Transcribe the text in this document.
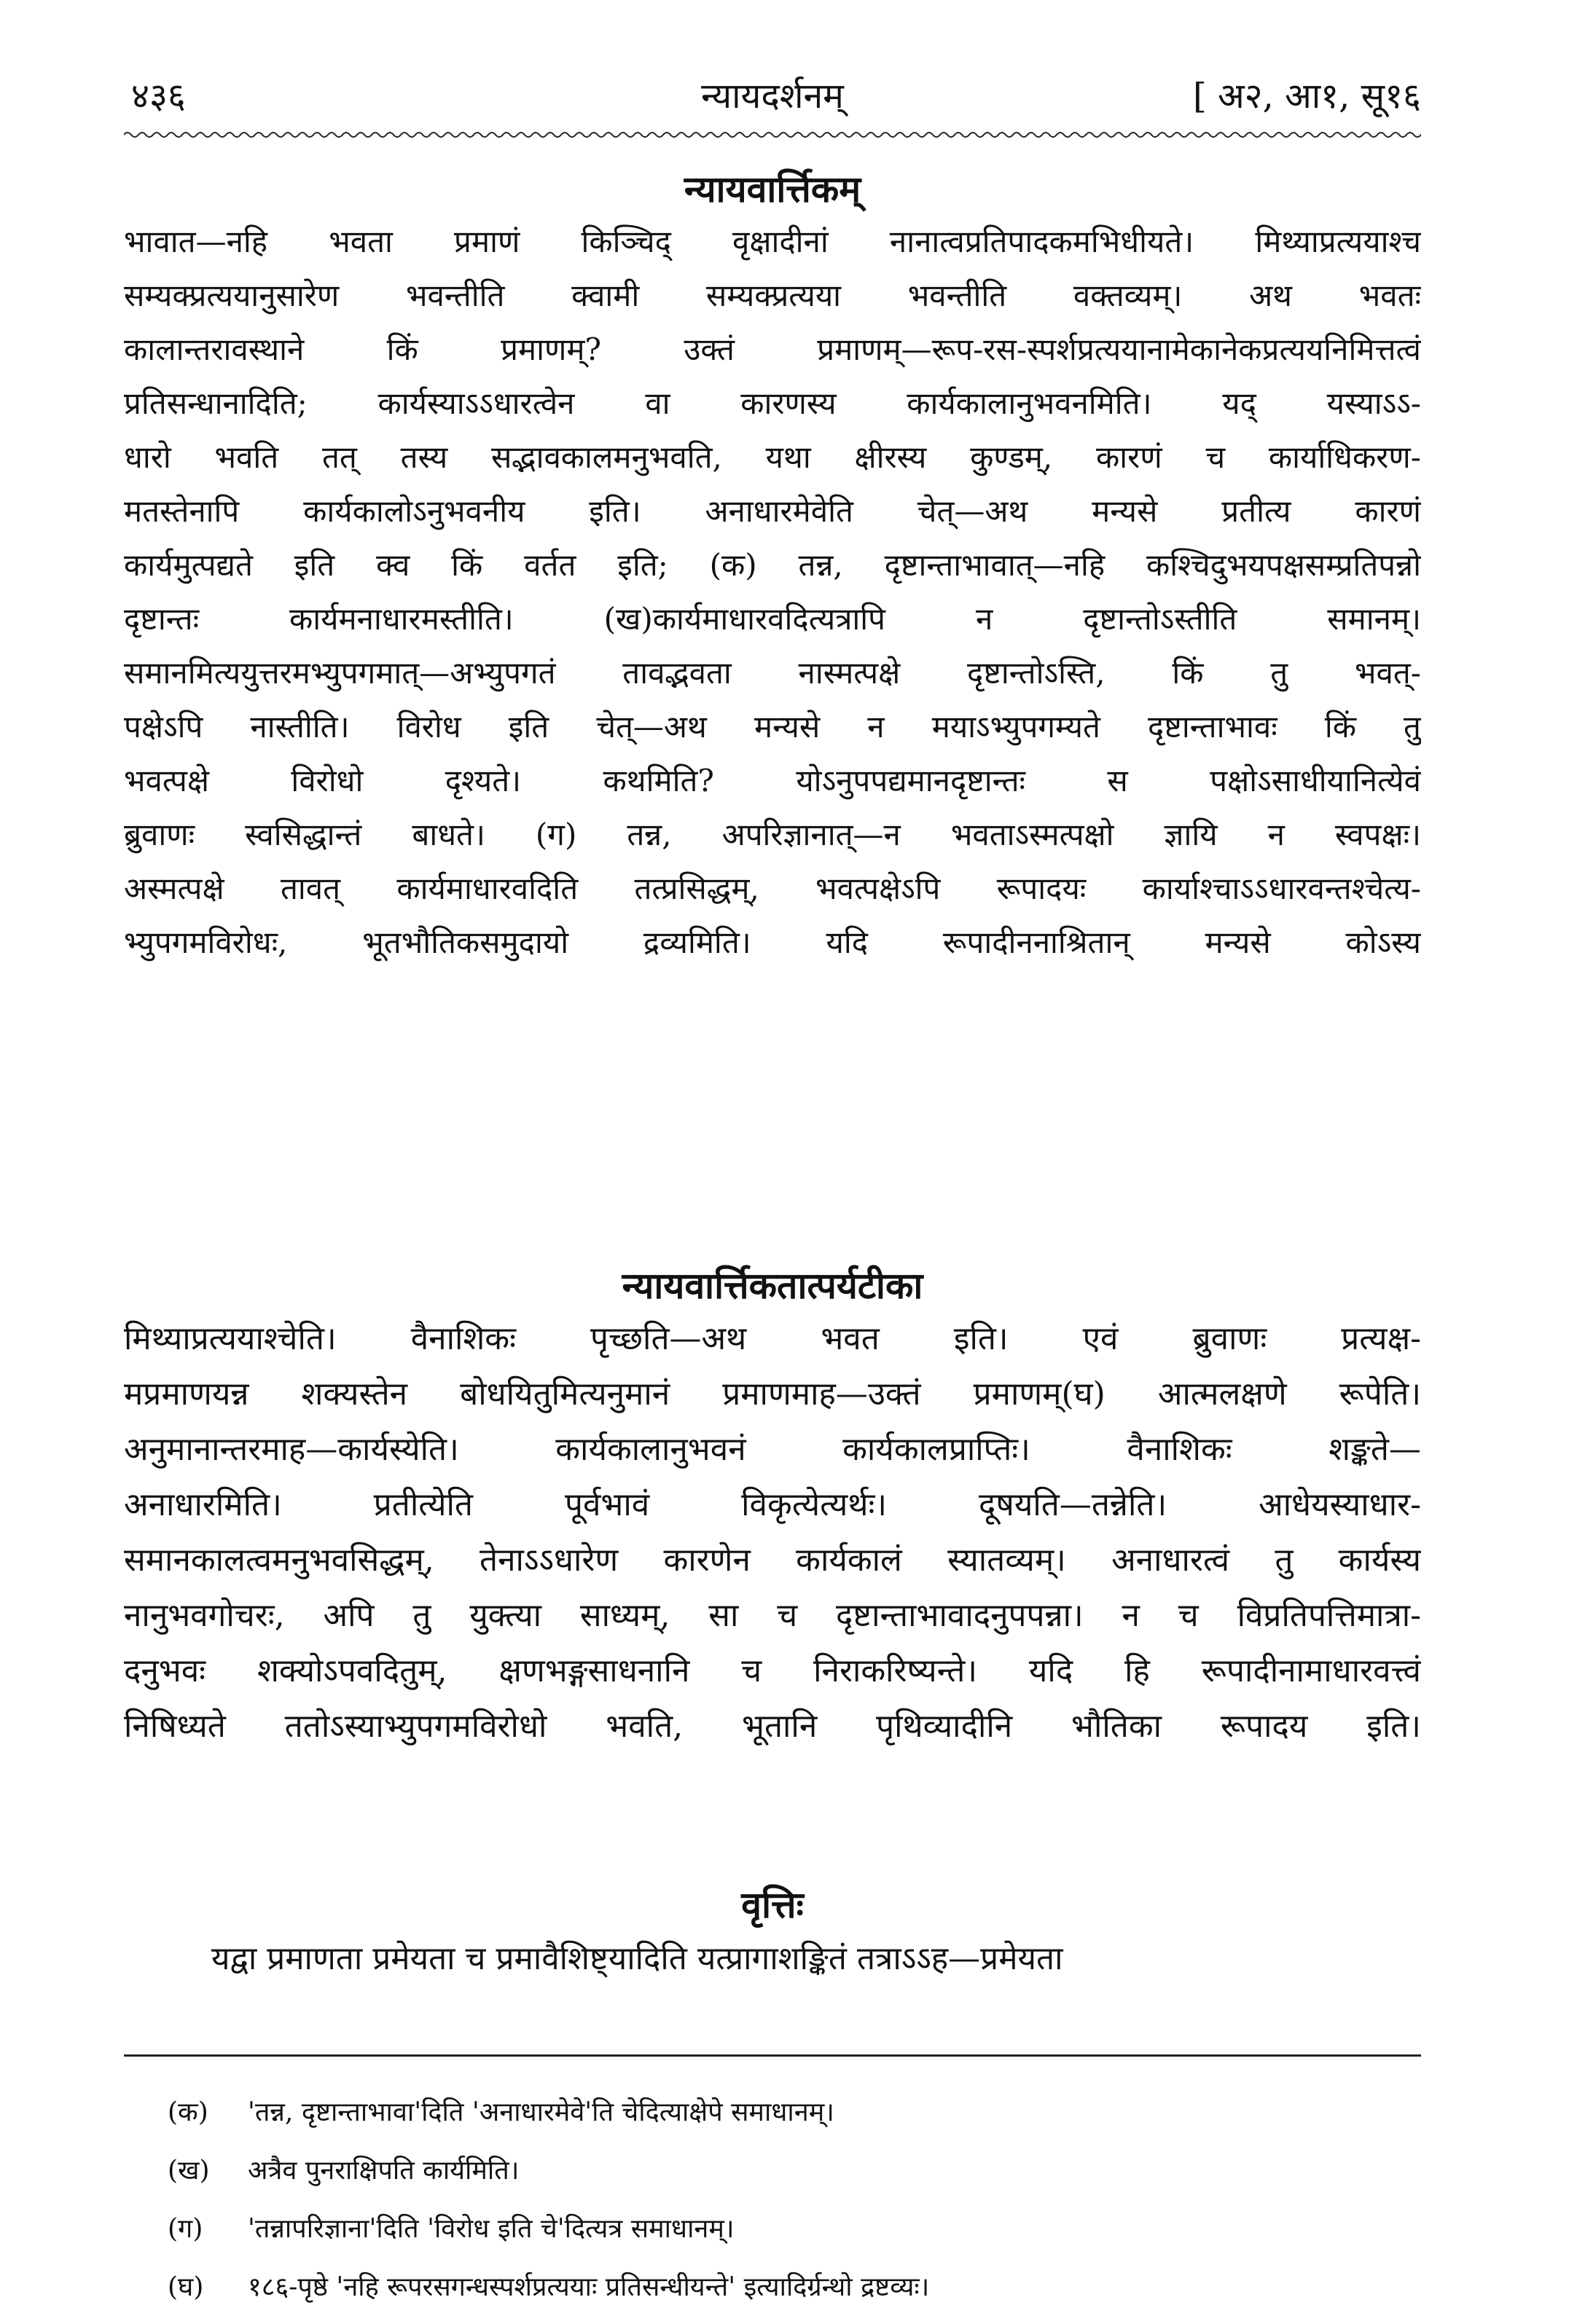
४३६	न्यायदर्शनम्	[ अ२, आ१, सू१६

न्यायवार्त्तिकम्

भावात—नहि भवता प्रमाणं किञ्चिद् वृक्षादीनां नानात्वप्रतिपादकमभिधीयते। मिथ्याप्रत्ययाश्च
सम्यक्प्रत्ययानुसारेण भवन्तीति क्वामी सम्यक्प्रत्यया भवन्तीति वक्तव्यम्। अथ भवतः
कालान्तरावस्थाने किं प्रमाणम्? उक्तं प्रमाणम्—रूप-रस-स्पर्शप्रत्ययानामेकानेकप्रत्ययनिमित्तत्वं
प्रतिसन्धानादिति; कार्यस्याऽऽधारत्वेन वा कारणस्य कार्यकालानुभवनमिति। यद् यस्याऽऽ-
धारो भवति तत् तस्य सद्भावकालमनुभवति, यथा क्षीरस्य कुण्डम्, कारणं च कार्याधिकरण-
मतस्तेनापि कार्यकालोऽनुभवनीय इति। अनाधारमेवेति चेत्—अथ मन्यसे प्रतीत्य कारणं
कार्यमुत्पद्यते इति क्व किं वर्तत इति; (क) तन्न, दृष्टान्ताभावात्—नहि कश्चिदुभयपक्षसम्प्रतिपन्नो
दृष्टान्तः कार्यमनाधारमस्तीति। (ख)कार्यमाधारवदित्यत्रापि न दृष्टान्तोऽस्तीति समानम्।
समानमित्ययुत्तरमभ्युपगमात्—अभ्युपगतं तावद्भवता नास्मत्पक्षे दृष्टान्तोऽस्ति, किं तु भवत्-
पक्षेऽपि नास्तीति। विरोध इति चेत्—अथ मन्यसे न मयाऽभ्युपगम्यते दृष्टान्ताभावः किं तु
भवत्पक्षे विरोधो दृश्यते। कथमिति? योऽनुपपद्यमानदृष्टान्तः स पक्षोऽसाधीयानित्येवं
ब्रुवाणः स्वसिद्धान्तं बाधते। (ग) तन्न, अपरिज्ञानात्—न भवताऽस्मत्पक्षो ज्ञायि न स्वपक्षः।
अस्मत्पक्षे तावत् कार्यमाधारवदिति तत्प्रसिद्धम्, भवत्पक्षेऽपि रूपादयः कार्याश्चाऽऽधारवन्तश्चेत्य-
भ्युपगमविरोधः, भूतभौतिकसमुदायो द्रव्यमिति। यदि रूपादीननाश्रितान् मन्यसे कोऽस्य

न्यायवार्त्तिकतात्पर्यटीका

मिथ्याप्रत्ययाश्चेति। वैनाशिकः पृच्छति—अथ भवत इति। एवं ब्रुवाणः प्रत्यक्ष-
मप्रमाणयन्न शक्यस्तेन बोधयितुमित्यनुमानं प्रमाणमाह—उक्तं प्रमाणम्(घ) आत्मलक्षणे रूपेति।
अनुमानान्तरमाह—कार्यस्येति। कार्यकालानुभवनं कार्यकालप्राप्तिः। वैनाशिकः शङ्कते—
अनाधारमिति। प्रतीत्येति पूर्वभावं विकृत्येत्यर्थः। दूषयति—तन्नेति। आधेयस्याधार-
समानकालत्वमनुभवसिद्धम्, तेनाऽऽधारेण कारणेन कार्यकालं स्यातव्यम्। अनाधारत्वं तु कार्यस्य
नानुभवगोचरः, अपि तु युक्त्या साध्यम्, सा च दृष्टान्ताभावादनुपपन्ना। न च विप्रतिपत्तिमात्रा-
दनुभवः शक्योऽपवदितुम्, क्षणभङ्गसाधनानि च निराकरिष्यन्ते। यदि हि रूपादीनामाधारवत्त्वं
निषिध्यते ततोऽस्याभ्युपगमविरोधो भवति, भूतानि पृथिव्यादीनि भौतिका रूपादय इति।

वृत्तिः

यद्वा प्रमाणता प्रमेयता च प्रमावैशिष्ट्यादिति यत्प्रागाशङ्कितं तत्राऽऽह—प्रमेयता
(क) 'तन्न, दृष्टान्ताभावा'दिति 'अनाधारमेवे'ति चेदित्याक्षेपे समाधानम्।
(ख) अत्रैव पुनराक्षिपति कार्यमिति।
(ग) 'तन्नापरिज्ञाना'दिति 'विरोध इति चे'दित्यत्र समाधानम्।
(घ) १८६-पृष्ठे 'नहि रूपरसगन्धस्पर्शप्रत्ययाः प्रतिसन्धीयन्ते' इत्यादिर्ग्रन्थो द्रष्टव्यः।
